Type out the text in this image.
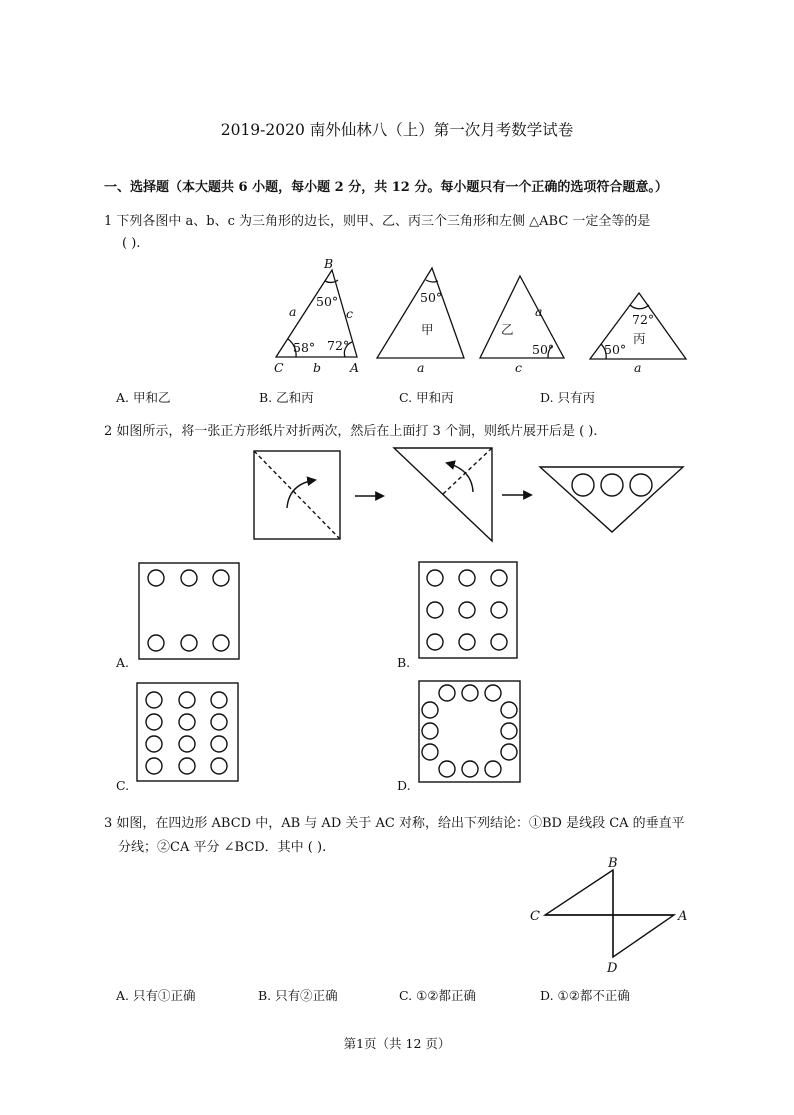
2019-2020 南外仙林八（上）第一次月考数学试卷
一、选择题（本大题共 6 小题，每小题 2 分，共 12 分。每小题只有一个正确的选项符合题意。）
1 下列各图中 a、b、c 为三角形的边长，则甲、乙、丙三个三角形和左侧 △ABC 一定全等的是
( ).
B
C	A
a
b
c
50°
58° 72°
50°
甲
a
乙
a
50°
c
72°
丙
50°
a
A. 甲和乙	B. 乙和丙	C. 甲和丙	D. 只有丙
2 如图所示，将一张正方形纸片对折两次，然后在上面打 3 个洞，则纸片展开后是 ( ).
A.	B.
C.	D.
3 如图，在四边形 ABCD 中，AB 与 AD 关于 AC 对称，给出下列结论：①BD 是线段 CA 的垂直平
分线；②CA 平分 ∠BCD．其中 ( ).
B
C	A
D
A. 只有①正确	B. 只有②正确	C. ①②都正确	D. ①②都不正确
第1页（共 12 页）
